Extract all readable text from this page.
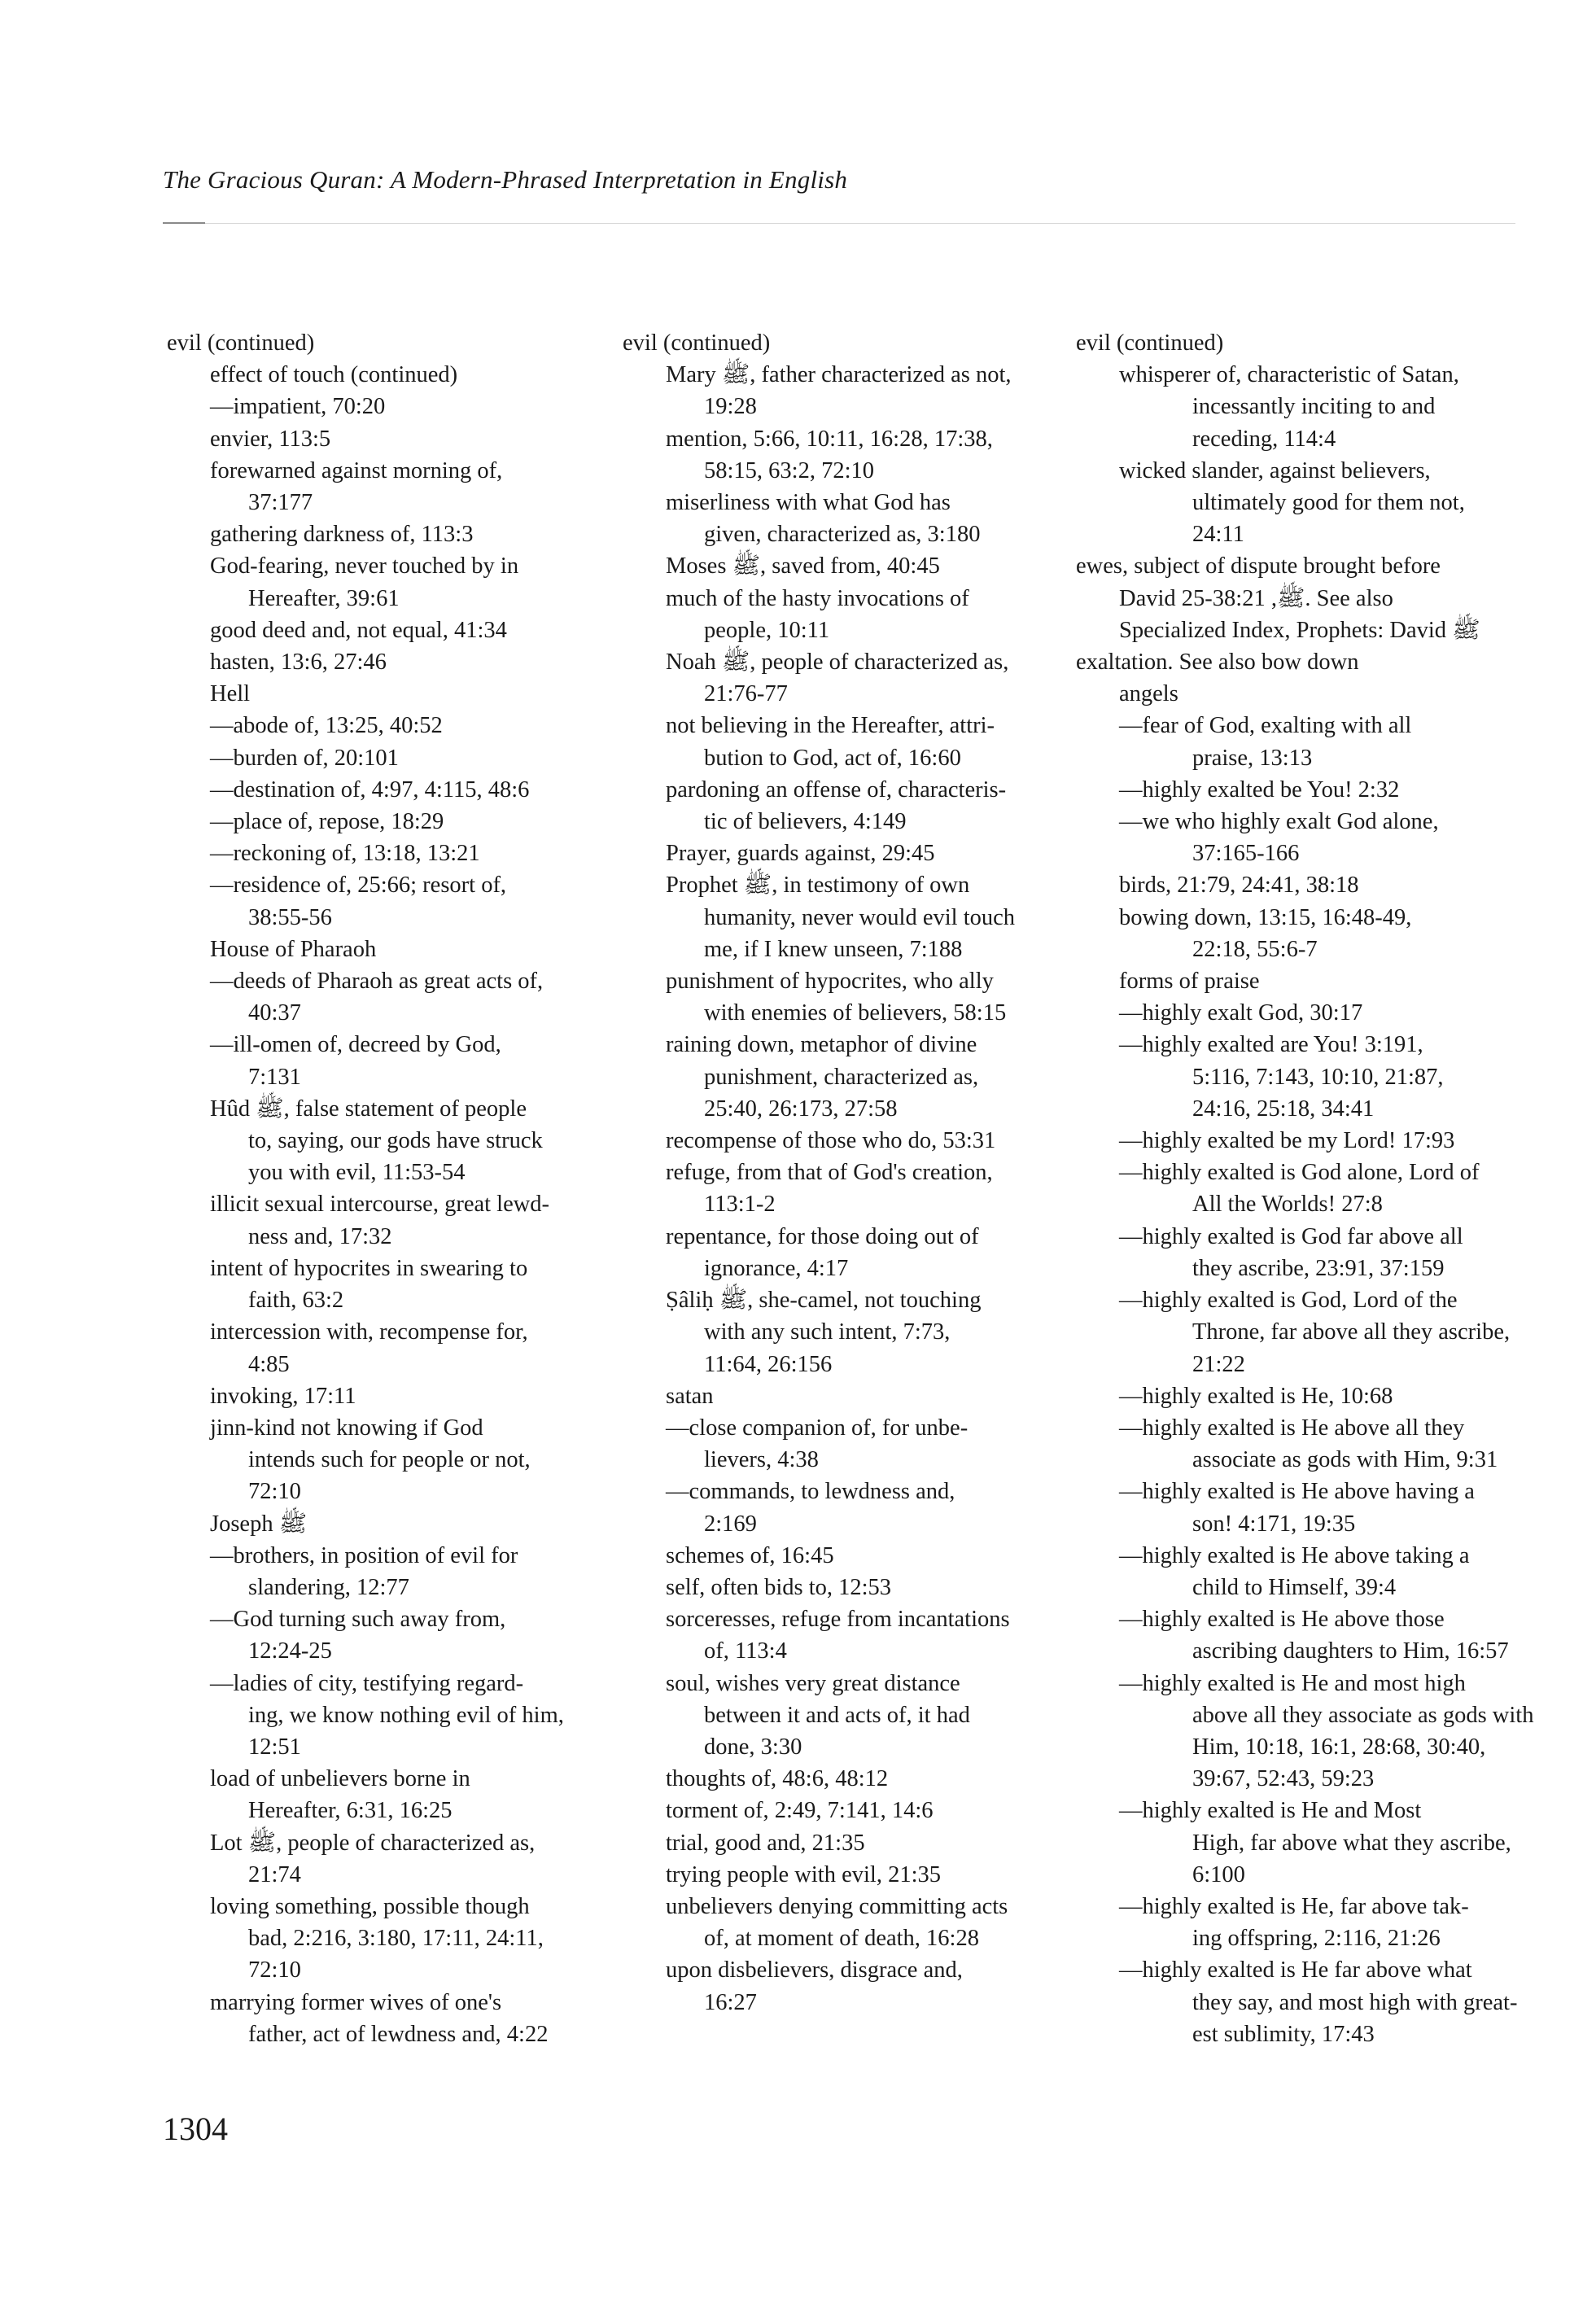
The Gracious Quran: A Modern-Phrased Interpretation in English
evil (continued)
effect of touch (continued)
—impatient, 70:20
envier, 113:5
forewarned against morning of,
37:177
gathering darkness of, 113:3
God-fearing, never touched by in
Hereafter, 39:61
good deed and, not equal, 41:34
hasten, 13:6, 27:46
Hell
—abode of, 13:25, 40:52
—burden of, 20:101
—destination of, 4:97, 4:115, 48:6
—place of, repose, 18:29
—reckoning of, 13:18, 13:21
—residence of, 25:66; resort of,
38:55-56
House of Pharaoh
—deeds of Pharaoh as great acts of,
40:37
—ill-omen of, decreed by God,
7:131
Hûd ﷺ, false statement of people
to, saying, our gods have struck
you with evil, 11:53-54
illicit sexual intercourse, great lewd-
ness and, 17:32
intent of hypocrites in swearing to
faith, 63:2
intercession with, recompense for,
4:85
invoking, 17:11
jinn-kind not knowing if God
intends such for people or not,
72:10
Joseph ﷺ
—brothers, in position of evil for
slandering, 12:77
—God turning such away from,
12:24-25
—ladies of city, testifying regard-
ing, we know nothing evil of him,
12:51
load of unbelievers borne in
Hereafter, 6:31, 16:25
Lot ﷺ, people of characterized as,
21:74
loving something, possible though
bad, 2:216, 3:180, 17:11, 24:11,
72:10
marrying former wives of one's
father, act of lewdness and, 4:22
evil (continued)
Mary ﷺ, father characterized as not,
19:28
mention, 5:66, 10:11, 16:28, 17:38,
58:15, 63:2, 72:10
miserliness with what God has
given, characterized as, 3:180
Moses ﷺ, saved from, 40:45
much of the hasty invocations of
people, 10:11
Noah ﷺ, people of characterized as,
21:76-77
not believing in the Hereafter, attri-
bution to God, act of, 16:60
pardoning an offense of, characteris-
tic of believers, 4:149
Prayer, guards against, 29:45
Prophet ﷺ, in testimony of own
humanity, never would evil touch
me, if I knew unseen, 7:188
punishment of hypocrites, who ally
with enemies of believers, 58:15
raining down, metaphor of divine
punishment, characterized as,
25:40, 26:173, 27:58
recompense of those who do, 53:31
refuge, from that of God's creation,
113:1-2
repentance, for those doing out of
ignorance, 4:17
Ṣâliḥ ﷺ, she-camel, not touching
with any such intent, 7:73,
11:64, 26:156
satan
—close companion of, for unbe-
lievers, 4:38
—commands, to lewdness and,
2:169
schemes of, 16:45
self, often bids to, 12:53
sorceresses, refuge from incantations
of, 113:4
soul, wishes very great distance
between it and acts of, it had
done, 3:30
thoughts of, 48:6, 48:12
torment of, 2:49, 7:141, 14:6
trial, good and, 21:35
trying people with evil, 21:35
unbelievers denying committing acts
of, at moment of death, 16:28
upon disbelievers, disgrace and,
16:27
evil (continued)
whisperer of, characteristic of Satan,
incessantly inciting to and
receding, 114:4
wicked slander, against believers,
ultimately good for them not,
24:11
ewes, subject of dispute brought before
David ﷺ, 38:21-25. See also
Specialized Index, Prophets: David ﷺ
exaltation. See also bow down
angels
—fear of God, exalting with all
praise, 13:13
—highly exalted be You! 2:32
—we who highly exalt God alone,
37:165-166
birds, 21:79, 24:41, 38:18
bowing down, 13:15, 16:48-49,
22:18, 55:6-7
forms of praise
—highly exalt God, 30:17
—highly exalted are You! 3:191,
5:116, 7:143, 10:10, 21:87,
24:16, 25:18, 34:41
—highly exalted be my Lord! 17:93
—highly exalted is God alone, Lord of
All the Worlds! 27:8
—highly exalted is God far above all
they ascribe, 23:91, 37:159
—highly exalted is God, Lord of the
Throne, far above all they ascribe,
21:22
—highly exalted is He, 10:68
—highly exalted is He above all they
associate as gods with Him, 9:31
—highly exalted is He above having a
son! 4:171, 19:35
—highly exalted is He above taking a
child to Himself, 39:4
—highly exalted is He above those
ascribing daughters to Him, 16:57
—highly exalted is He and most high
above all they associate as gods with
Him, 10:18, 16:1, 28:68, 30:40,
39:67, 52:43, 59:23
—highly exalted is He and Most
High, far above what they ascribe,
6:100
—highly exalted is He, far above tak-
ing offspring, 2:116, 21:26
—highly exalted is He far above what
they say, and most high with great-
est sublimity, 17:43
1304
